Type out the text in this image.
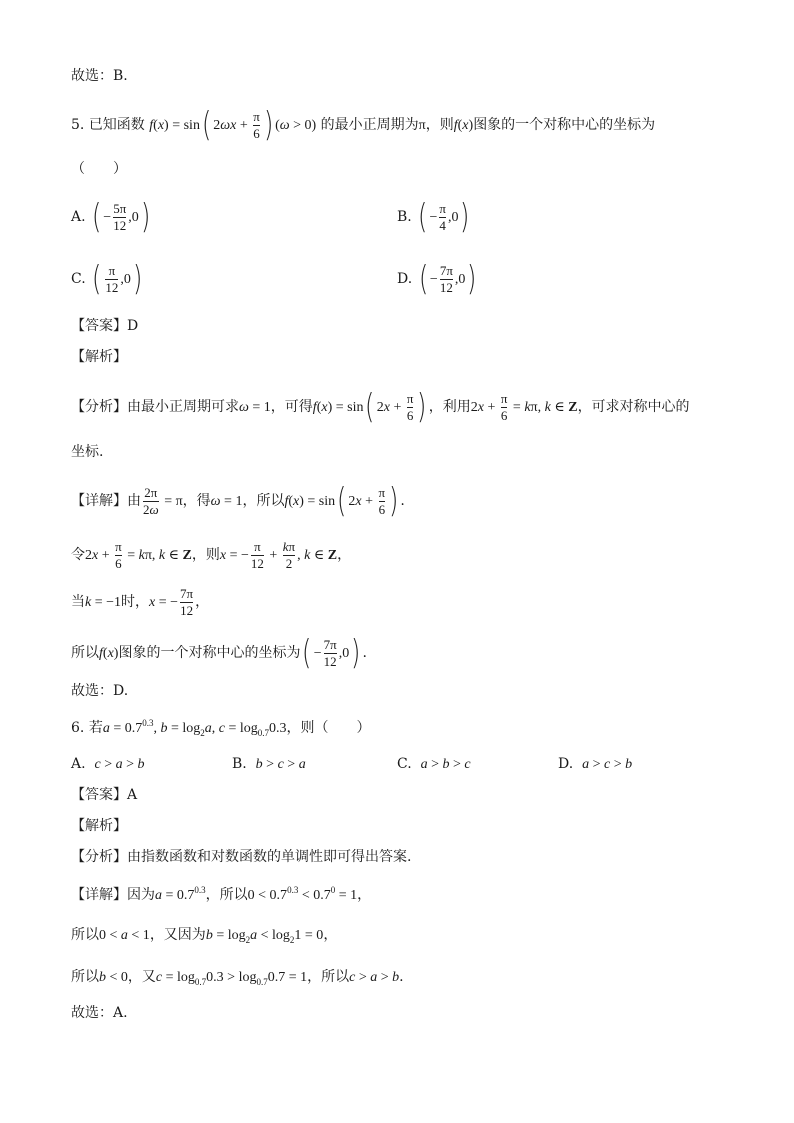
故选：B.
5. 已知函数 f(x) = sin( $2\omega x + \frac{\pi}{6}$ ) (ω > 0) 的最小正周期为π，则f(x)图象的一个对称中心的坐标为
（　　）
A. ( − $\frac{5\pi}{12} ,0$)	B. ( − $\frac{\pi}{4} ,0$)
C. ( $\frac{\pi}{12} ,0$)	D. ( − $\frac{7\pi}{12} ,0$)
【答案】D
【解析】
【分析】由最小正周期可求ω = 1，可得f(x) = sin( $2x + \frac{\pi}{6}$ ) ，利用$2x + \frac{\pi}{6} = k\pi$, k ∈ Z，可求对称中心的
坐标.
【详解】由 $\frac{2\pi}{2\omega} = \pi$，得ω = 1，所以f(x) = sin( $2x + \frac{\pi}{6}$ ) .
令$2x + \frac{\pi}{6} = k\pi$, k ∈ Z，则x = − $\frac{\pi}{12} + \frac{k\pi}{2}$ , k ∈ Z，
当k = −1时，x = − $\frac{7\pi}{12}$ ，
所以f(x)图象的一个对称中心的坐标为( − $\frac{7\pi}{12} ,0$) .
故选：D.
6. 若$a = 0.7^{0.3}$, $b = \log_2a$, $c = \log_{0.7}0.3$，则（　　）
A. c > a > b	B. b > c > a	C. a > b > c	D. a > c > b
【答案】A
【解析】
【分析】由指数函数和对数函数的单调性即可得出答案.
【详解】因为$a = 0.7^{0.3}$，所以$0 < 0.7^{0.3} < 0.7^0 = 1$，
所以0 < a < 1，又因为$b = \log_2a < \log_21 = 0$，
所以b < 0，又$c = \log_{0.7}0.3 > \log_{0.7}0.7 = 1$，所以c > a > b.
故选：A.
